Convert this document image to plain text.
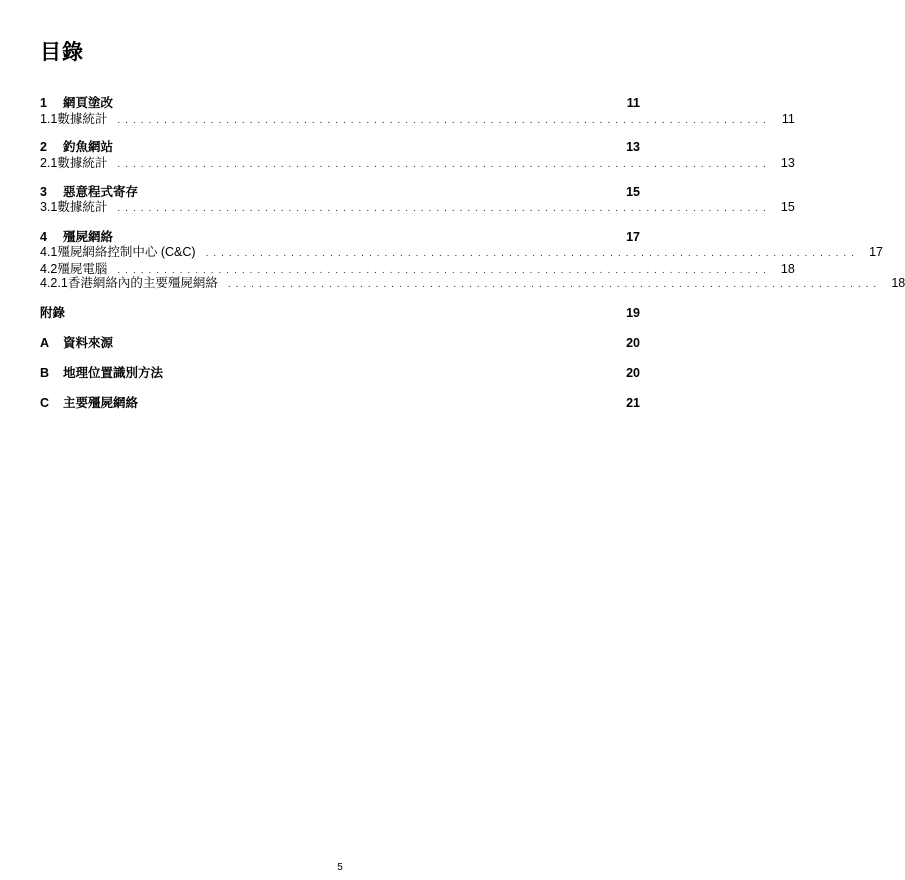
目錄
1	網頁塗改	11
1.1 數據統計	.................................................................................... 11
2	釣魚網站	13
2.1 數據統計	.................................................................................... 13
3	惡意程式寄存	15
3.1 數據統計	.................................................................................... 15
4	殭屍網絡	17
4.1 殭屍網絡控制中心 (C&C)	.................................................................................... 17
4.2 殭屍電腦	.................................................................................... 18
4.2.1 香港網絡內的主要殭屍網絡	.................................................................................... 18
附錄	19
A	資料來源	20
B	地理位置識別方法	20
C	主要殭屍網絡	21
5
